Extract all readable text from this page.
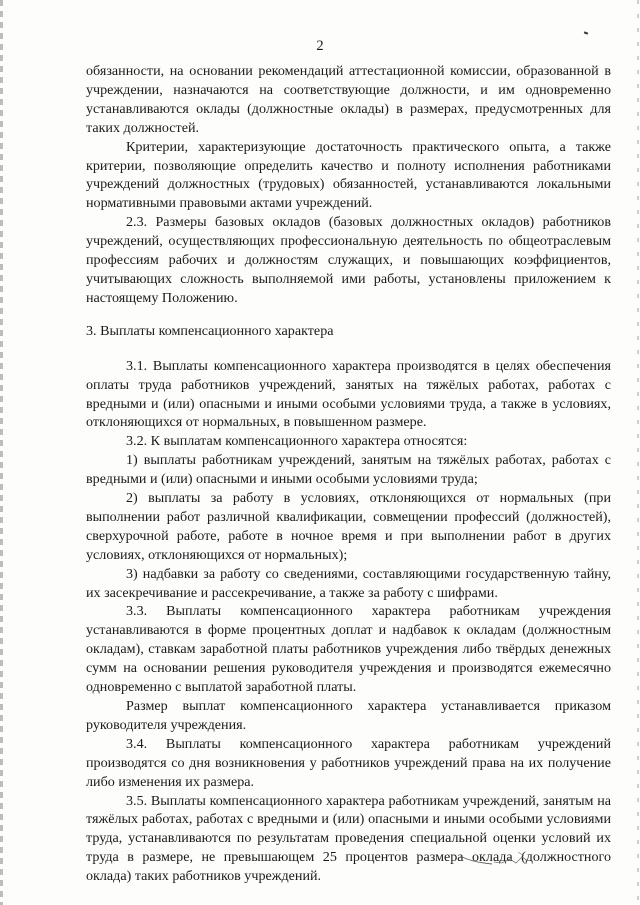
2

обязанности, на основании рекомендаций аттестационной комиссии, образованной в учреждении, назначаются на соответствующие должности, и им одновременно устанавливаются оклады (должностные оклады) в размерах, предусмотренных для таких должностей.

Критерии, характеризующие достаточность практического опыта, а также критерии, позволяющие определить качество и полноту исполнения работниками учреждений должностных (трудовых) обязанностей, устанавливаются локальными нормативными правовыми актами учреждений.

2.3. Размеры базовых окладов (базовых должностных окладов) работников учреждений, осуществляющих профессиональную деятельность по общеотраслевым профессиям рабочих и должностям служащих, и повышающих коэффициентов, учитывающих сложность выполняемой ими работы, установлены приложением к настоящему Положению.

3. Выплаты компенсационного характера

3.1. Выплаты компенсационного характера производятся в целях обеспечения оплаты труда работников учреждений, занятых на тяжёлых работах, работах с вредными и (или) опасными и иными особыми условиями труда, а также в условиях, отклоняющихся от нормальных, в повышенном размере.

3.2. К выплатам компенсационного характера относятся:

1) выплаты работникам учреждений, занятым на тяжёлых работах, работах с вредными и (или) опасными и иными особыми условиями труда;

2) выплаты за работу в условиях, отклоняющихся от нормальных (при выполнении работ различной квалификации, совмещении профессий (должностей), сверхурочной работе, работе в ночное время и при выполнении работ в других условиях, отклоняющихся от нормальных);

3) надбавки за работу со сведениями, составляющими государственную тайну, их засекречивание и рассекречивание, а также за работу с шифрами.

3.3. Выплаты компенсационного характера работникам учреждения устанавливаются в форме процентных доплат и надбавок к окладам (должностным окладам), ставкам заработной платы работников учреждения либо твёрдых денежных сумм на основании решения руководителя учреждения и производятся ежемесячно одновременно с выплатой заработной платы.

Размер выплат компенсационного характера устанавливается приказом руководителя учреждения.

3.4. Выплаты компенсационного характера работникам учреждений производятся со дня возникновения у работников учреждений права на их получение либо изменения их размера.

3.5. Выплаты компенсационного характера работникам учреждений, занятым на тяжёлых работах, работах с вредными и (или) опасными и иными особыми условиями труда, устанавливаются по результатам проведения специальной оценки условий их труда в размере, не превышающем 25 процентов размера оклада (должностного оклада) таких работников учреждений.
